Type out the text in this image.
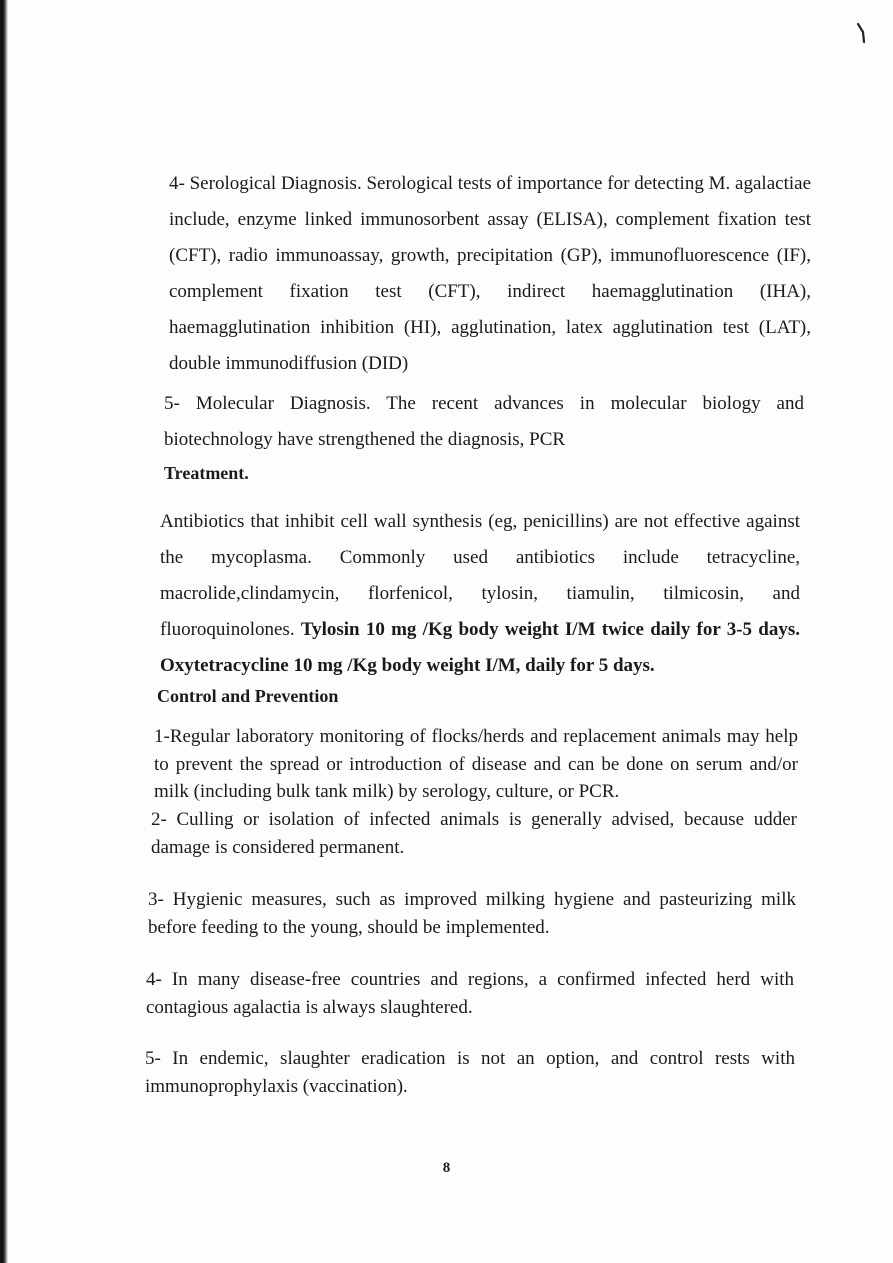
4- Serological Diagnosis. Serological tests of importance for detecting M. agalactiae include, enzyme linked immunosorbent assay (ELISA), complement fixation test (CFT), radio immunoassay, growth, precipitation (GP), immunofluorescence (IF), complement fixation test (CFT), indirect haemagglutination (IHA), haemagglutination inhibition (HI), agglutination, latex agglutination test (LAT), double immunodiffusion (DID)

5- Molecular Diagnosis. The recent advances in molecular biology and biotechnology have strengthened the diagnosis, PCR

Treatment.

Antibiotics that inhibit cell wall synthesis (eg, penicillins) are not effective against the mycoplasma. Commonly used antibiotics include tetracycline, macrolide,clindamycin, florfenicol, tylosin, tiamulin, tilmicosin, and fluoroquinolones. Tylosin 10 mg /Kg body weight I/M twice daily for 3-5 days. Oxytetracycline 10 mg /Kg body weight I/M, daily for 5 days.

Control and Prevention

1-Regular laboratory monitoring of flocks/herds and replacement animals may help to prevent the spread or introduction of disease and can be done on serum and/or milk (including bulk tank milk) by serology, culture, or PCR.

2- Culling or isolation of infected animals is generally advised, because udder damage is considered permanent.

3- Hygienic measures, such as improved milking hygiene and pasteurizing milk before feeding to the young, should be implemented.

4- In many disease-free countries and regions, a confirmed infected herd with contagious agalactia is always slaughtered.

5- In endemic, slaughter eradication is not an option, and control rests with immunoprophylaxis (vaccination).

8
